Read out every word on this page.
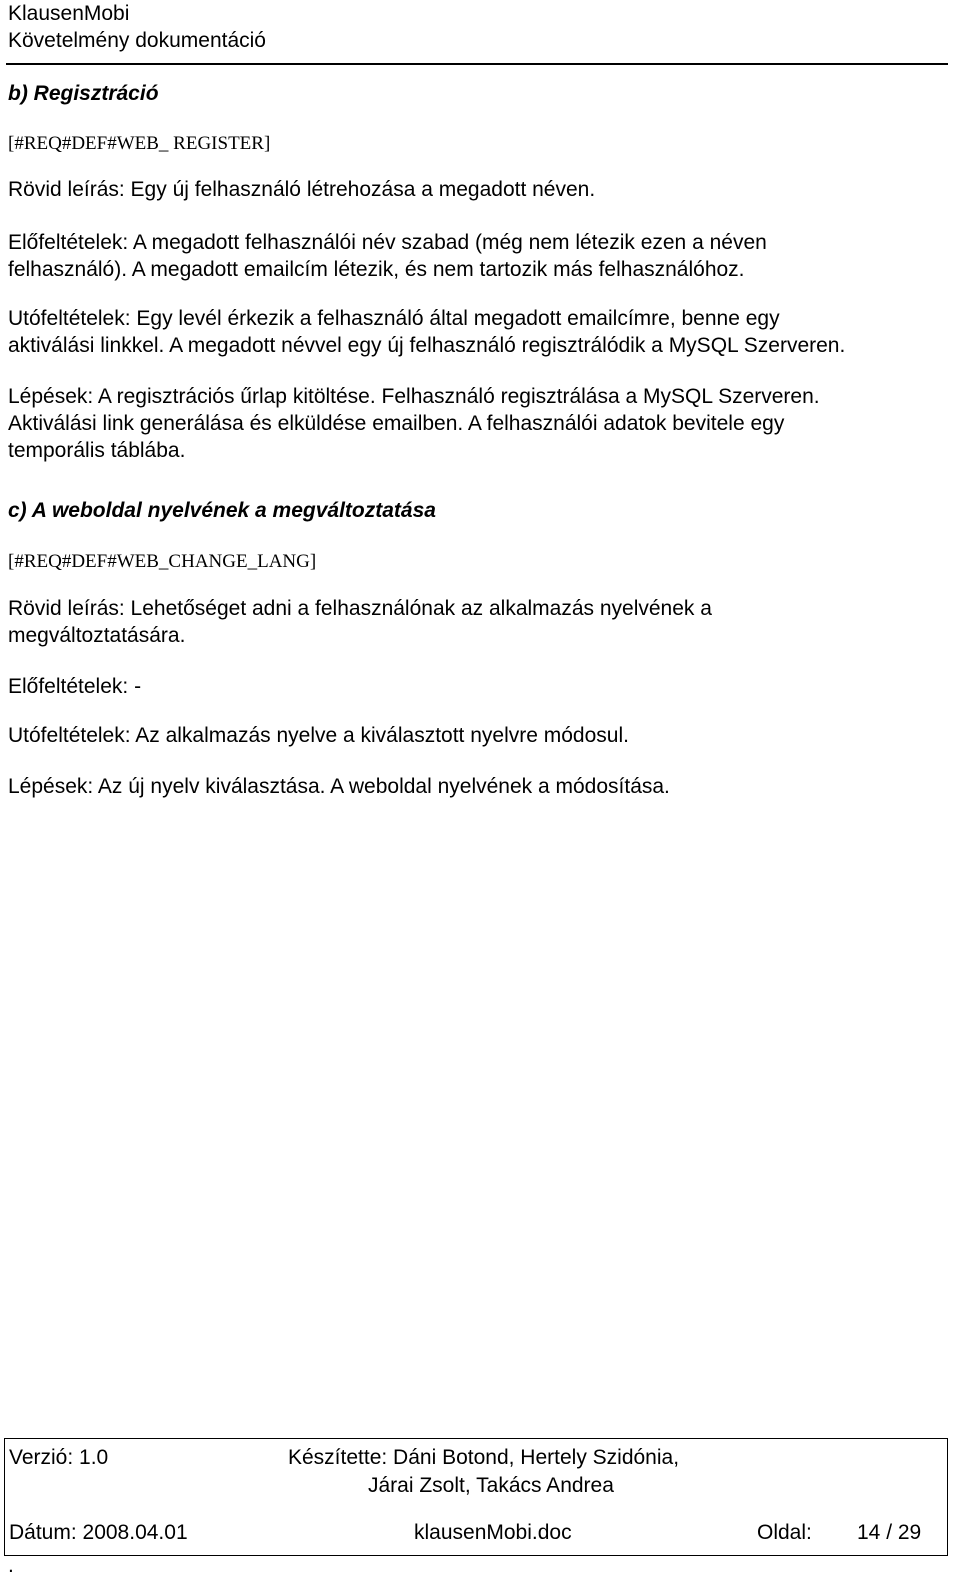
KlausenMobi
Követelmény dokumentáció
b) Regisztráció
[#REQ#DEF#WEB_ REGISTER]
Rövid leírás: Egy új felhasználó létrehozása a megadott néven.
Előfeltételek: A megadott felhasználói név szabad (még nem létezik ezen a néven
felhasználó). A megadott emailcím létezik, és nem tartozik más felhasználóhoz.
Utófeltételek: Egy levél érkezik a felhasználó által megadott emailcímre, benne egy
aktiválási linkkel. A megadott névvel egy új felhasználó regisztrálódik a MySQL Szerveren.
Lépések: A regisztrációs űrlap kitöltése. Felhasználó regisztrálása a MySQL Szerveren.
Aktiválási link generálása és elküldése emailben. A felhasználói adatok bevitele egy
temporális táblába.
c) A weboldal nyelvének a megváltoztatása
[#REQ#DEF#WEB_CHANGE_LANG]
Rövid leírás: Lehetőséget adni a felhasználónak az alkalmazás nyelvének a
megváltoztatására.
Előfeltételek: -
Utófeltételek: Az alkalmazás nyelve a kiválasztott nyelvre módosul.
Lépések: Az új nyelv kiválasztása. A weboldal nyelvének a módosítása.
Verzió: 1.0	Készítette: Dáni Botond, Hertely Szidónia,
Járai Zsolt, Takács Andrea
Dátum: 2008.04.01	klausenMobi.doc	Oldal: 14 / 29
.
